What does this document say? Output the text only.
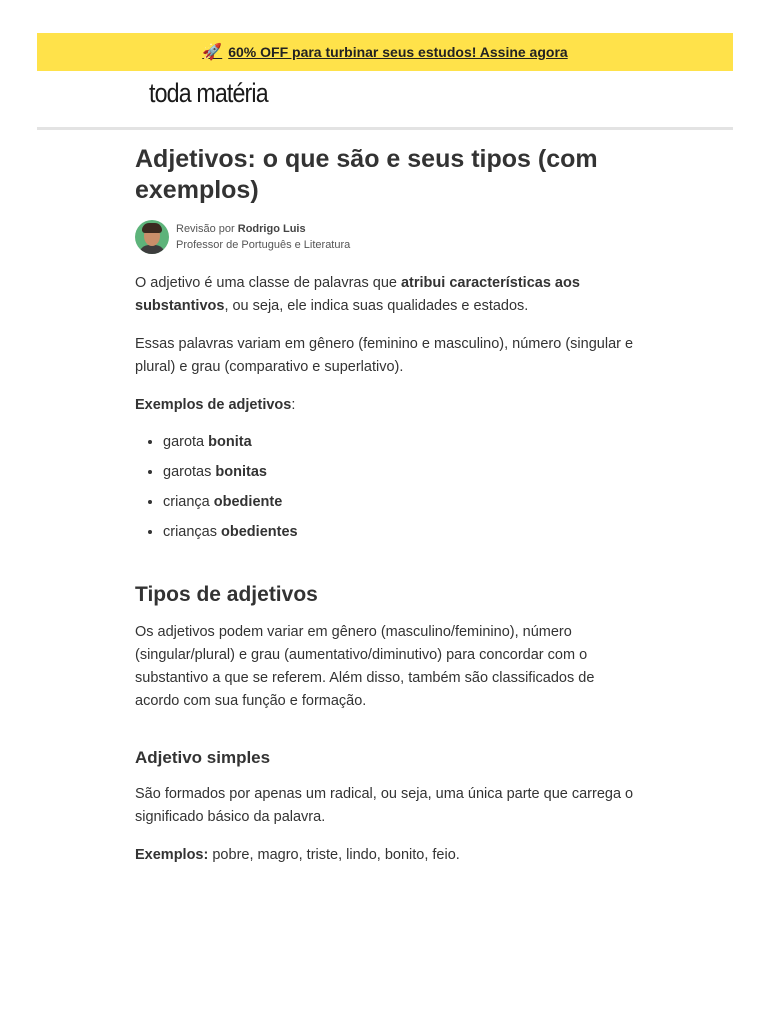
🚀 60% OFF para turbinar seus estudos! Assine agora
toda matéria
Adjetivos: o que são e seus tipos (com exemplos)
Revisão por Rodrigo Luis
Professor de Português e Literatura

O adjetivo é uma classe de palavras que atribui características aos substantivos, ou seja, ele indica suas qualidades e estados.

Essas palavras variam em gênero (feminino e masculino), número (singular e plural) e grau (comparativo e superlativo).

Exemplos de adjetivos:

• garota bonita
• garotas bonitas
• criança obediente
• crianças obedientes
Tipos de adjetivos

Os adjetivos podem variar em gênero (masculino/feminino), número (singular/plural) e grau (aumentativo/diminutivo) para concordar com o substantivo a que se referem. Além disso, também são classificados de acordo com sua função e formação.

Adjetivo simples

São formados por apenas um radical, ou seja, uma única parte que carrega o significado básico da palavra.

Exemplos: pobre, magro, triste, lindo, bonito, feio.
